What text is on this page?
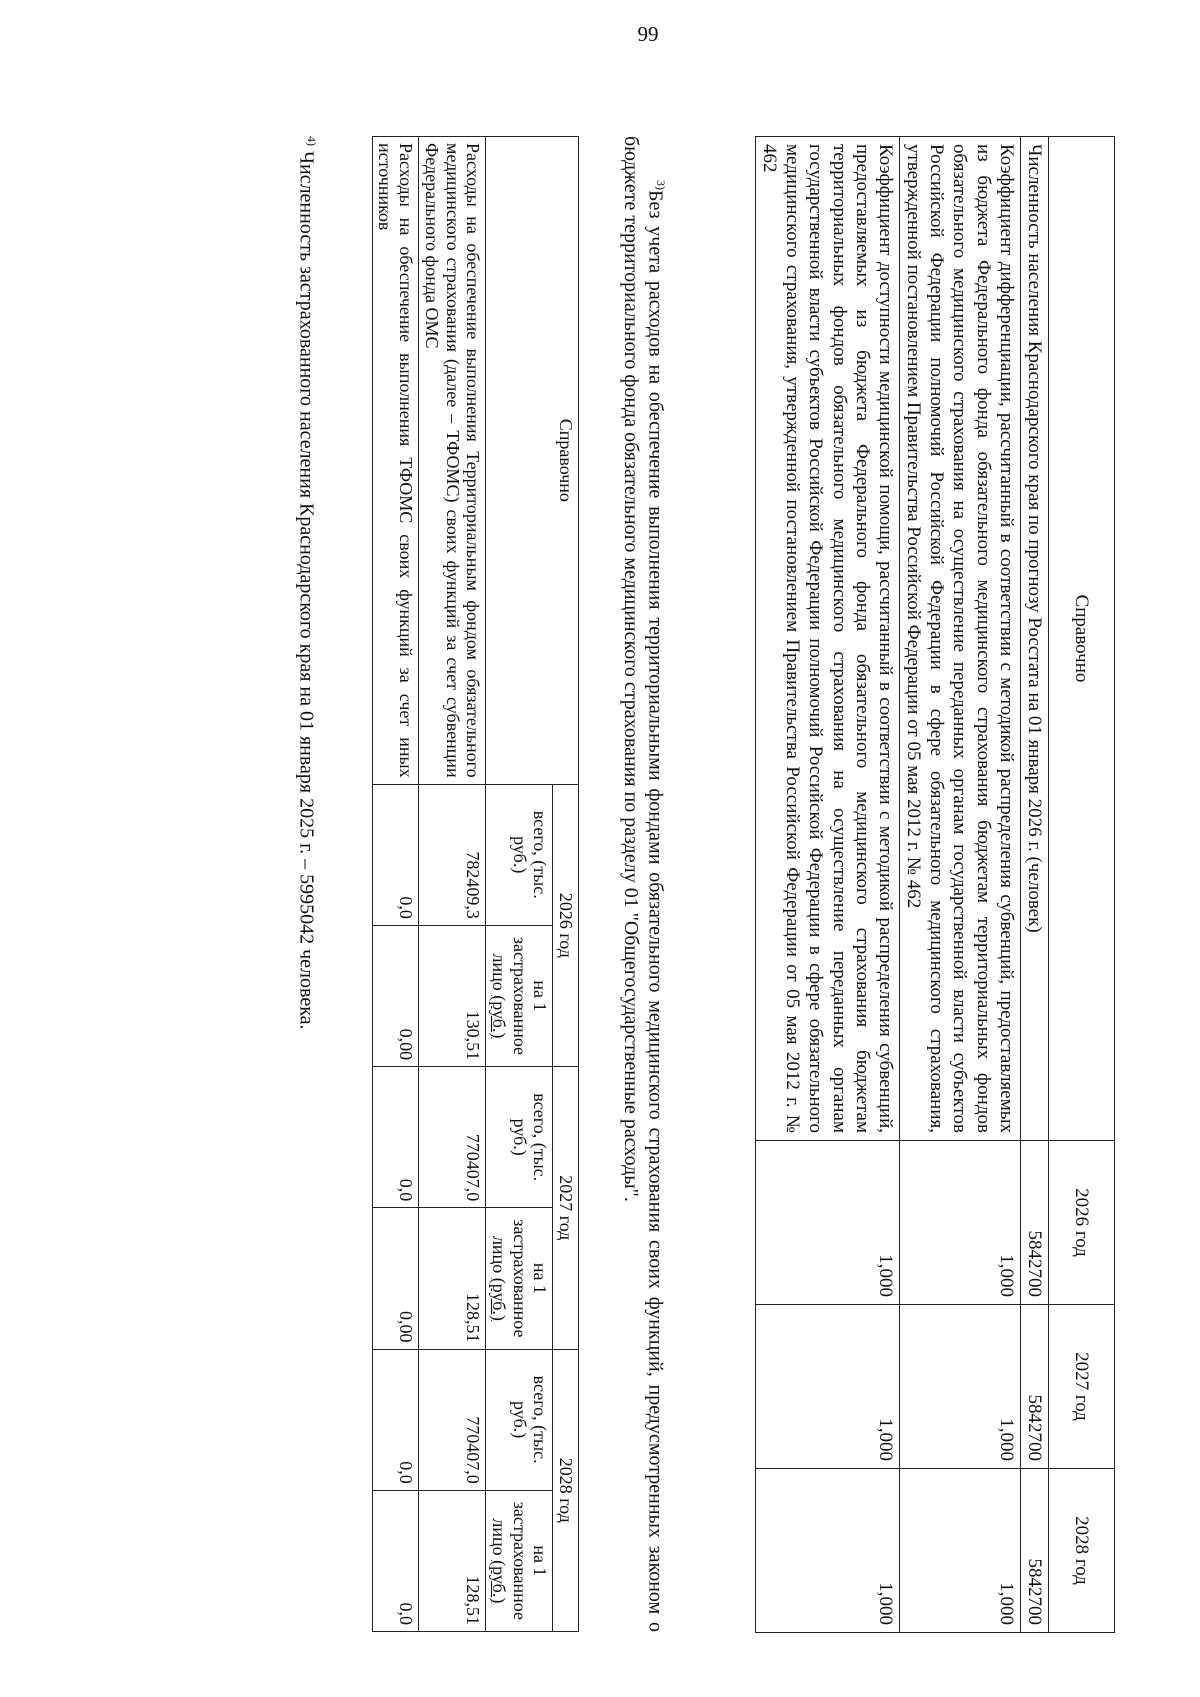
99
Справочно	2026 год	2027 год	2028 год
Численность населения Краснодарского края по прогнозу Росстата на 01 января 2026 г. (человек)	5842700	5842700	5842700
Коэффициент дифференциации, рассчитанный в соответствии с методикой распределения субвенций, предоставляемых из бюджета Федерального фонда обязательного медицинского страхования бюджетам территориальных фондов обязательного медицинского страхования на осуществление переданных органам государственной власти субъектов Российской Федерации полномочий Российской Федерации в сфере обязательного медицинского страхования, утвержденной постановлением Правительства Российской Федерации от 05 мая 2012 г. № 462	1,000	1,000	1,000
Коэффициент доступности медицинской помощи, рассчитанный в соответствии с методикой распределения субвенций, предоставляемых из бюджета Федерального фонда обязательного медицинского страхования бюджетам территориальных фондов обязательного медицинского страхования на осуществление переданных органам государственной власти субъектов Российской Федерации полномочий Российской Федерации в сфере обязательного медицинского страхования, утвержденной постановлением Правительства Российской Федерации от 05 мая 2012 г. № 462	1,000	1,000	1,000

$^{3)}$Без учета расходов на обеспечение выполнения территориальными фондами обязательного медицинского страхования своих функций, предусмотренных законом о бюджете территориального фонда обязательного медицинского страхования по разделу 01 "Общегосударственные расходы".

Справочно	2026 год		2027 год		2028 год	
	всего, (тыс. руб.)	на 1 застрахованное лицо (руб.)	всего, (тыс. руб.)	на 1 застрахованное лицо (руб.)	всего, (тыс. руб.)	на 1 застрахованное лицо (руб.)
Расходы на обеспечение выполнения Территориальным фондом обязательного медицинского страхования (далее – ТФОМС) своих функций за счет субвенции Федерального фонда ОМС	782409,3	130,51	770407,0	128,51	770407,0	128,51
Расходы на обеспечение выполнения ТФОМС своих функций за счет иных источников	0,0	0,00	0,0	0,00	0,0	0,0

$^{4)}$ Численность застрахованного населения Краснодарского края на 01 января 2025 г. – 5995042 человека.
